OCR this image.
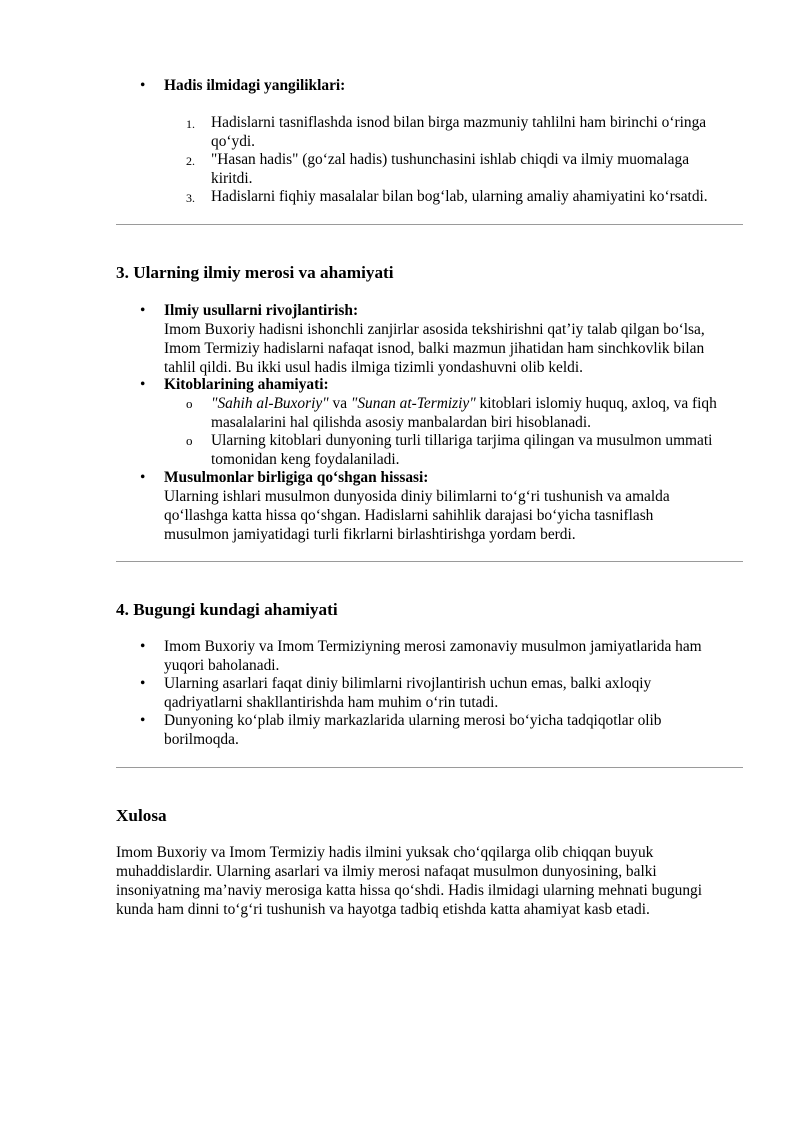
• Hadis ilmidagi yangiliklari:
1. Hadislarni tasniflashda isnod bilan birga mazmuniy tahlilni ham birinchi o‘ringa
qo‘ydi.
2. "Hasan hadis" (go‘zal hadis) tushunchasini ishlab chiqdi va ilmiy muomalaga
kiritdi.
3. Hadislarni fiqhiy masalalar bilan bog‘lab, ularning amaliy ahamiyatini ko‘rsatdi.
3. Ularning ilmiy merosi va ahamiyati
• Ilmiy usullarni rivojlantirish:
Imom Buxoriy hadisni ishonchli zanjirlar asosida tekshirishni qat’iy talab qilgan bo‘lsa,
Imom Termiziy hadislarni nafaqat isnod, balki mazmun jihatidan ham sinchkovlik bilan
tahlil qildi. Bu ikki usul hadis ilmiga tizimli yondashuvni olib keldi.
• Kitoblarining ahamiyati:
o "Sahih al-Buxoriy" va "Sunan at-Termiziy" kitoblari islomiy huquq, axloq, va fiqh
masalalarini hal qilishda asosiy manbalardan biri hisoblanadi.
o Ularning kitoblari dunyoning turli tillariga tarjima qilingan va musulmon ummati
tomonidan keng foydalaniladi.
• Musulmonlar birligiga qo‘shgan hissasi:
Ularning ishlari musulmon dunyosida diniy bilimlarni to‘g‘ri tushunish va amalda
qo‘llashga katta hissa qo‘shgan. Hadislarni sahihlik darajasi bo‘yicha tasniflash
musulmon jamiyatidagi turli fikrlarni birlashtirishga yordam berdi.
4. Bugungi kundagi ahamiyati
• Imom Buxoriy va Imom Termiziyning merosi zamonaviy musulmon jamiyatlarida ham
yuqori baholanadi.
• Ularning asarlari faqat diniy bilimlarni rivojlantirish uchun emas, balki axloqiy
qadriyatlarni shakllantirishda ham muhim o‘rin tutadi.
• Dunyoning ko‘plab ilmiy markazlarida ularning merosi bo‘yicha tadqiqotlar olib
borilmoqda.
Xulosa
Imom Buxoriy va Imom Termiziy hadis ilmini yuksak cho‘qqilarga olib chiqqan buyuk
muhaddislardir. Ularning asarlari va ilmiy merosi nafaqat musulmon dunyosining, balki
insoniyatning ma’naviy merosiga katta hissa qo‘shdi. Hadis ilmidagi ularning mehnati bugungi
kunda ham dinni to‘g‘ri tushunish va hayotga tadbiq etishda katta ahamiyat kasb etadi.
